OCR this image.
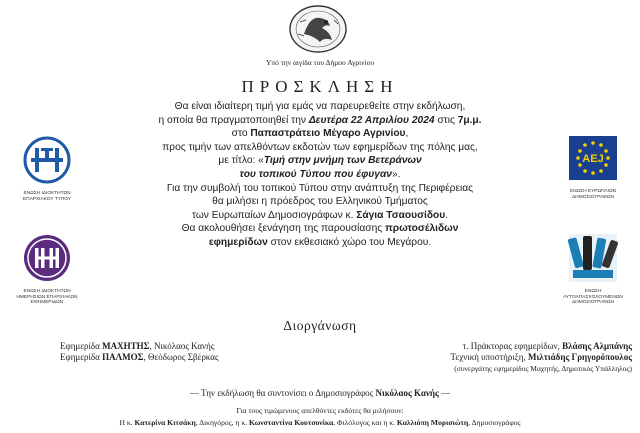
Υπό την αιγίδα του Δήμου Αγρινίου
ΠΡΟΣΚΛΗΣΗ

Θα είναι ιδιαίτερη τιμή για εμάς να παρευρεθείτε στην εκδήλωση,

η οποία θα πραγματοποιηθεί την Δευτέρα 22 Απριλίου 2024 στις 7μ.μ.

στο Παπαστράτειο Μέγαρο Αγρινίου,

προς τιμήν των απελθόντων εκδοτών των εφημερίδων της πόλης μας,

με τίτλο: «Τιμή στην μνήμη των Βετεράνων

του τοπικού Τύπου που έφυγαν».

Για την συμβολή του τοπικού Τύπου στην ανάπτυξη της Περιφέρειας

θα μιλήσει η πρόεδρος του Ελληνικού Τμήματος

των Ευρωπαίων Δημοσιογράφων κ. Σάγια Τσαουσίδου.

Θα ακολουθήσει ξενάγηση της παρουσίασης πρωτοσέλιδων

εφημερίδων στον εκθεσιακό χώρο του Μεγάρου.

ΕΝΩΣΗ ΙΔΙΟΚΤΗΤΩΝ ΕΠΑΡΧΙΑΚΟΥ ΤΥΠΟΥ
ΕΝΩΣΗ ΙΔΙΟΚΤΗΤΩΝ ΗΜΕΡΗΣΙΩΝ ΕΠΑΡΧΙΑΚΩΝ ΕΦΗΜΕΡΙΔΩΝ
AEJ
ΕΝΩΣΗ ΕΥΡΩΠΑΙΩΝ ΔΗΜΟΣΙΟΓΡΑΦΩΝ
ΕΝΩΣΗ ΑΥΤΟΑΠΑΣΧΟΛΟΥΜΕΝΩΝ ΔΗΜΟΣΙΟΓΡΑΦΩΝ
Διοργάνωση
Εφημερίδα ΜΑΧΗΤΗΣ, Νικόλαος Κανής
Εφημερίδα ΠΑΛΜΟΣ, Θεόδωρος Σβέρκας
τ. Πράκτορας εφημερίδων, Βλάσης Αλμπάνης
Τεχνική υποστήριξη, Μιλτιάδης Γρηγορόπουλος
(συνεργάτης εφημερίδος Μαχητής, Δημοτικός Υπάλληλος)
— Την εκδήλωση θα συντονίσει ο Δημοσιογράφος Νικόλαος Κανής —
Για τους τιμώμενους απελθόντες εκδότες θα μιλήσουν:
Η κ. Κατερίνα Κιτσάκη, Δικηγόρος, η κ. Κωνσταντίνα Κουτσονίκα, Φιλόλογος και η κ. Καλλιόπη Μυρισιώτη, Δημοσιογράφος
